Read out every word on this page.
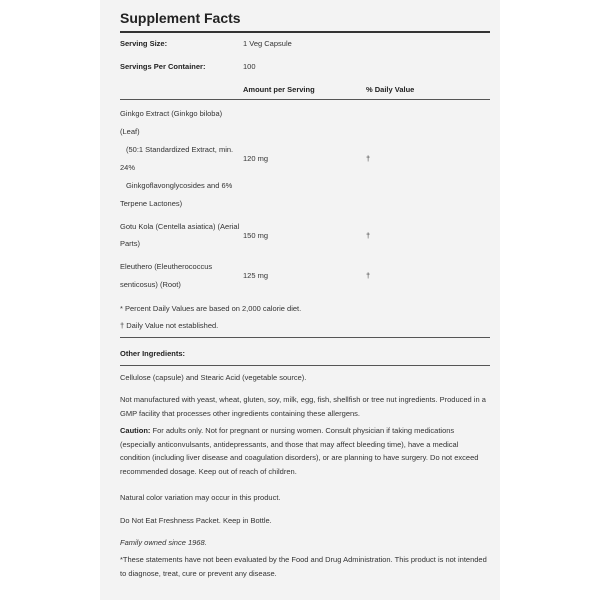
Supplement Facts
Serving Size:	1 Veg Capsule
Servings Per Container:	100
Amount per Serving	% Daily Value
Ginkgo Extract (Ginkgo biloba)
(Leaf)
(50:1 Standardized Extract, min.
24%
Ginkgoflavonglycosides and 6%
Terpene Lactones)
120 mg	†
Gotu Kola (Centella asiatica) (Aerial
Parts)
150 mg	†
Eleuthero (Eleutherococcus
senticosus) (Root)
125 mg	†
* Percent Daily Values are based on 2,000 calorie diet.
† Daily Value not established.
Other Ingredients:
Cellulose (capsule) and Stearic Acid (vegetable source).
Not manufactured with yeast, wheat, gluten, soy, milk, egg, fish, shellfish or tree nut ingredients. Produced in a GMP facility that processes other ingredients containing these allergens.
Caution: For adults only. Not for pregnant or nursing women. Consult physician if taking medications (especially anticonvulsants, antidepressants, and those that may affect bleeding time), have a medical condition (including liver disease and coagulation disorders), or are planning to have surgery. Do not exceed recommended dosage. Keep out of reach of children.
Natural color variation may occur in this product.
Do Not Eat Freshness Packet. Keep in Bottle.
Family owned since 1968.
*These statements have not been evaluated by the Food and Drug Administration. This product is not intended to diagnose, treat, cure or prevent any disease.
